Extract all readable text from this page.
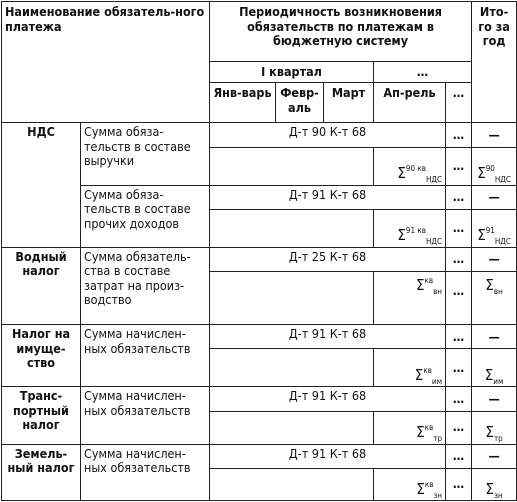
Наименование обязатель-ного платежа		Периодичность возникновения обязательств по платежам в бюджетную систему					Ито-го за год
		I квартал			…		
		Янв-варь	Февр-аль	Март	Ап-рель	…	
НДС	Сумма обяза-тельств в составе выручки	Д-т 90 К-т 68				…	—
					$\Sigma^{90 кв}_{НДС}$	…	$\Sigma^{90}_{НДС}$
	Сумма обяза-тельств в составе прочих доходов	Д-т 91 К-т 68				…	—
					$\Sigma^{91 кв}_{НДС}$	…	$\Sigma^{91}_{НДС}$
Водный налог	Сумма обязатель-ства в составе затрат на произ-водство	Д-т 25 К-т 68				…	—
					$\Sigma^{кв}_{вн}$	…	$\Sigma_{вн}$
Налог на имуще-ство	Сумма начислен-ных обязательств	Д-т 91 К-т 68				…	—
					$\Sigma^{кв}_{им}$	…	$\Sigma_{им}$
Транс-портный налог	Сумма начислен-ных обязательств	Д-т 91 К-т 68				…	—
					$\Sigma^{кв}_{тр}$	…	$\Sigma_{тр}$
Земель-ный налог	Сумма начислен-ных обязательств	Д-т 91 К-т 68				…	—
					$\Sigma^{кв}_{зн}$	…	$\Sigma_{зн}$
